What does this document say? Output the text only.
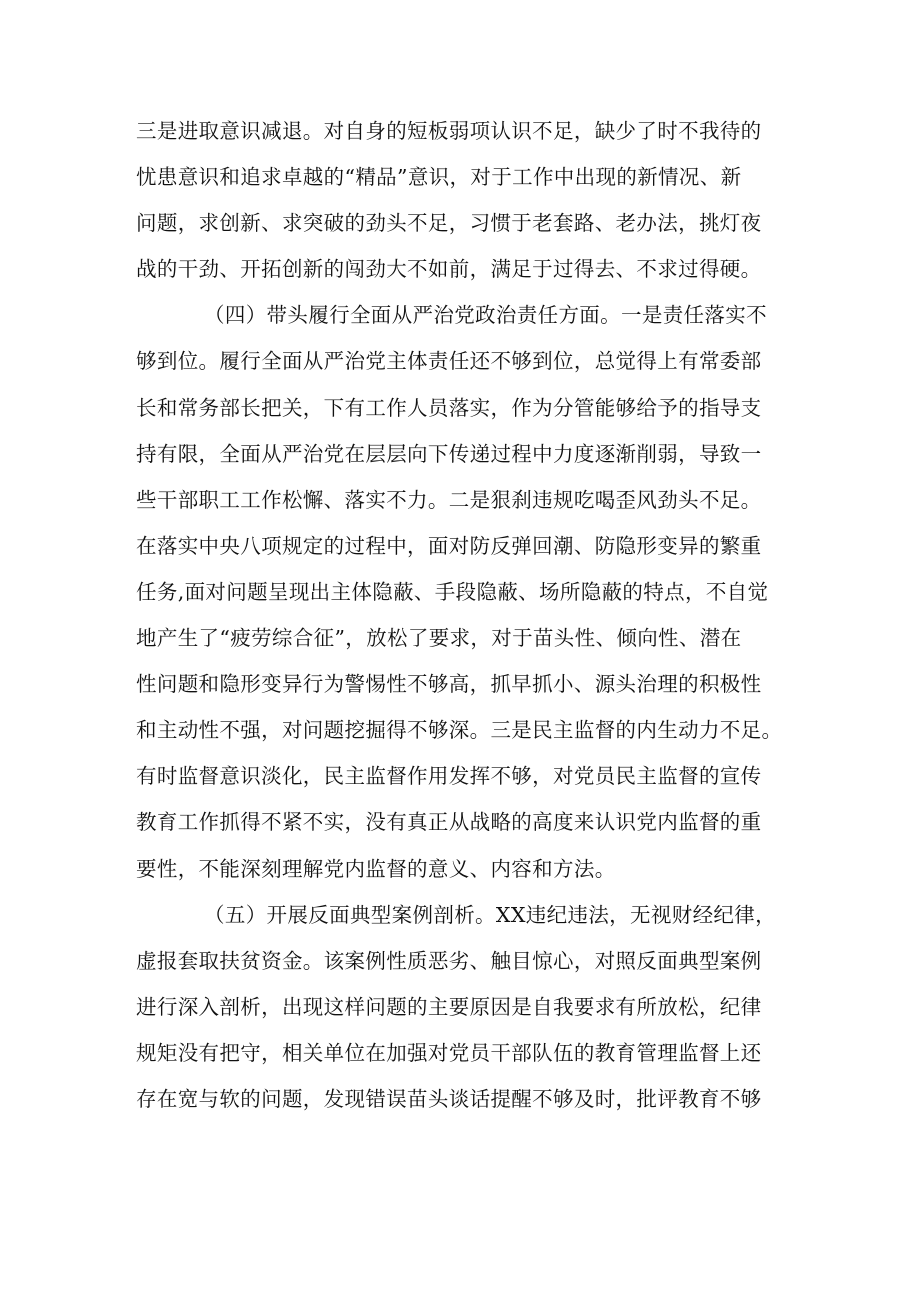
三是进取意识减退。对自身的短板弱项认识不足，缺少了时不我待的
忧患意识和追求卓越的“精品”意识，对于工作中出现的新情况、新
问题，求创新、求突破的劲头不足，习惯于老套路、老办法，挑灯夜
战的干劲、开拓创新的闯劲大不如前，满足于过得去、不求过得硬。
（四）带头履行全面从严治党政治责任方面。一是责任落实不
够到位。履行全面从严治党主体责任还不够到位，总觉得上有常委部
长和常务部长把关，下有工作人员落实，作为分管能够给予的指导支
持有限，全面从严治党在层层向下传递过程中力度逐渐削弱，导致一
些干部职工工作松懈、落实不力。二是狠刹违规吃喝歪风劲头不足。
在落实中央八项规定的过程中，面对防反弹回潮、防隐形变异的繁重
任务,面对问题呈现出主体隐蔽、手段隐蔽、场所隐蔽的特点，不自觉
地产生了“疲劳综合征”，放松了要求，对于苗头性、倾向性、潜在
性问题和隐形变异行为警惕性不够高，抓早抓小、源头治理的积极性
和主动性不强，对问题挖掘得不够深。三是民主监督的内生动力不足。
有时监督意识淡化，民主监督作用发挥不够，对党员民主监督的宣传
教育工作抓得不紧不实，没有真正从战略的高度来认识党内监督的重
要性，不能深刻理解党内监督的意义、内容和方法。
（五）开展反面典型案例剖析。XX违纪违法，无视财经纪律，
虚报套取扶贫资金。该案例性质恶劣、触目惊心，对照反面典型案例
进行深入剖析，出现这样问题的主要原因是自我要求有所放松，纪律
规矩没有把守，相关单位在加强对党员干部队伍的教育管理监督上还
存在宽与软的问题，发现错误苗头谈话提醒不够及时，批评教育不够
